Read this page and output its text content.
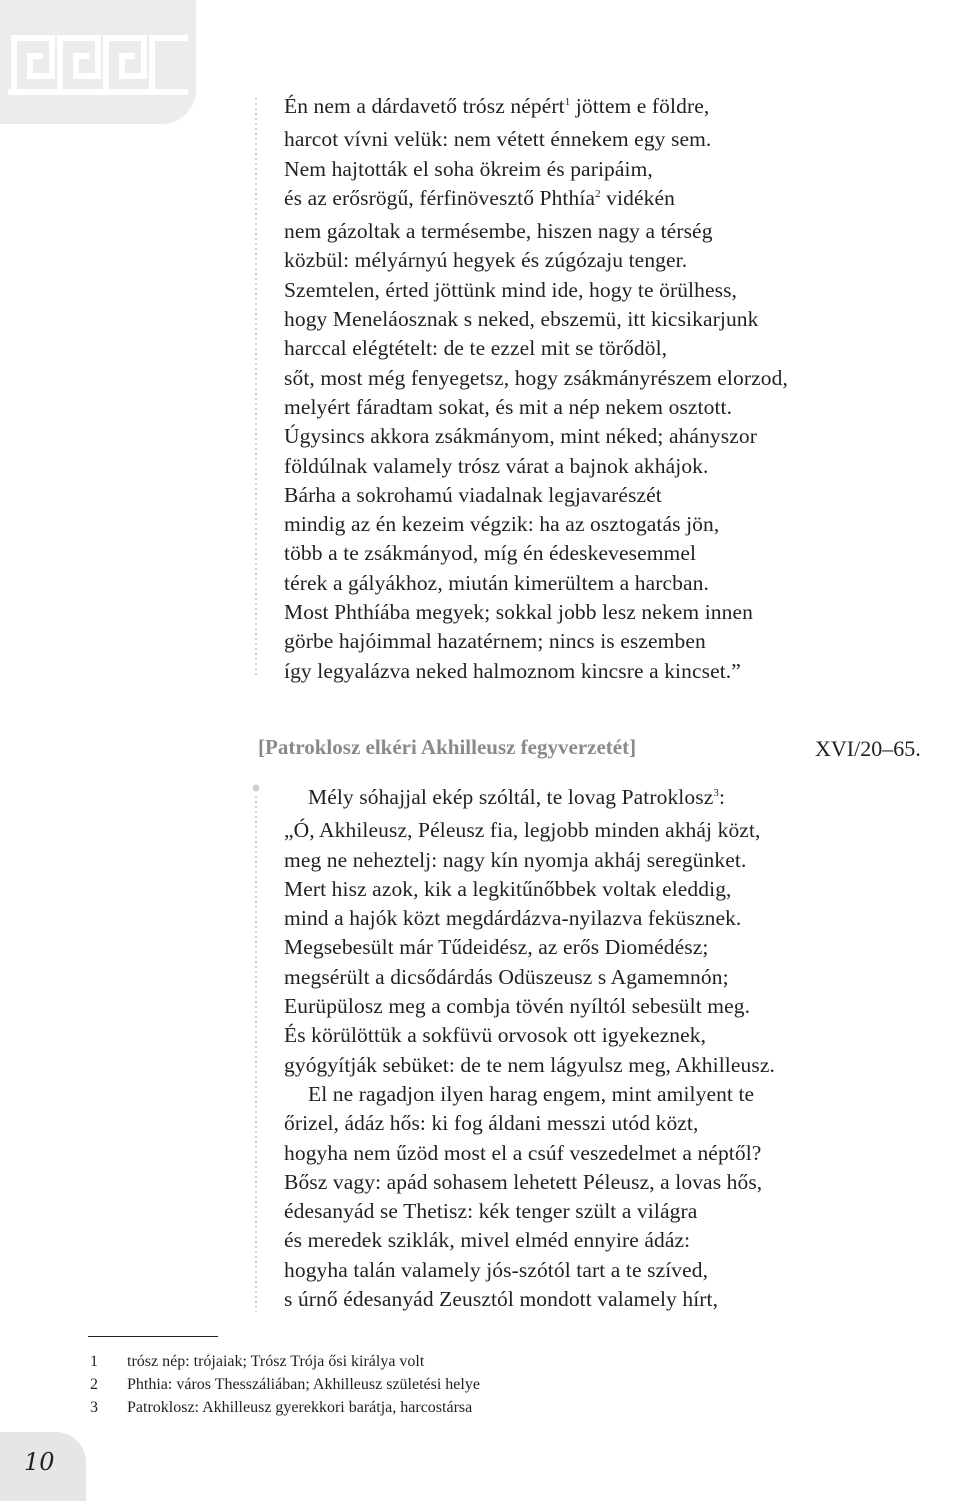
Én nem a dárdavető trósz népért$^1$ jöttem e földre,
harcot vívni velük: nem vétett énnekem egy sem.
Nem hajtották el soha ökreim és paripáim,
és az erősrögű, férfinövesztő Phthía$^2$ vidékén
nem gázoltak a termésembe, hiszen nagy a térség
közbül: mélyárnyú hegyek és zúgózaju tenger.
Szemtelen, érted jöttünk mind ide, hogy te örülhess,
hogy Meneláosznak s neked, ebszemü, itt kicsikarjunk
harccal elégtételt: de te ezzel mit se törődöl,
sőt, most még fenyegetsz, hogy zsákmányrészem elorzod,
melyért fáradtam sokat, és mit a nép nekem osztott.
Úgysincs akkora zsákmányom, mint néked; ahányszor
földúlnak valamely trósz várat a bajnok akhájok.
Bárha a sokrohamú viadalnak legjavarészét
mindig az én kezeim végzik: ha az osztogatás jön,
több a te zsákmányod, míg én édeskevesemmel
térek a gályákhoz, miután kimerültem a harcban.
Most Phthíába megyek; sokkal jobb lesz nekem innen
görbe hajóimmal hazatérnem; nincs is eszemben
így legyalázva neked halmoznom kincsre a kincset.”
[Patroklosz elkéri Akhilleusz fegyverzetét]	XVI/20–65.
Mély sóhajjal ekép szóltál, te lovag Patroklosz$^3$:
„Ó, Akhileusz, Péleusz fia, legjobb minden akháj közt,
meg ne neheztelj: nagy kín nyomja akháj seregünket.
Mert hisz azok, kik a legkitűnőbbek voltak eleddig,
mind a hajók közt megdárdázva-nyilazva feküsznek.
Megsebesült már Tűdeidész, az erős Diomédész;
megsérült a dicsődárdás Odüszeusz s Agamemnón;
Eurüpülosz meg a combja tövén nyíltól sebesült meg.
És körülöttük a sokfüvü orvosok ott igyekeznek,
gyógyítják sebüket: de te nem lágyulsz meg, Akhilleusz.
El ne ragadjon ilyen harag engem, mint amilyent te
őrizel, ádáz hős: ki fog áldani messzi utód közt,
hogyha nem űzöd most el a csúf veszedelmet a néptől?
Bősz vagy: apád sohasem lehetett Péleusz, a lovas hős,
édesanyád se Thetisz: kék tenger szült a világra
és meredek sziklák, mivel elméd ennyire ádáz:
hogyha talán valamely jós-szótól tart a te szíved,
s úrnő édesanyád Zeusztól mondott valamely hírt,
1	trósz nép: trójaiak; Trósz Trója ősi királya volt
2	Phthia: város Thesszáliában; Akhilleusz születési helye
3	Patroklosz: Akhilleusz gyerekkori barátja, harcostársa
10
